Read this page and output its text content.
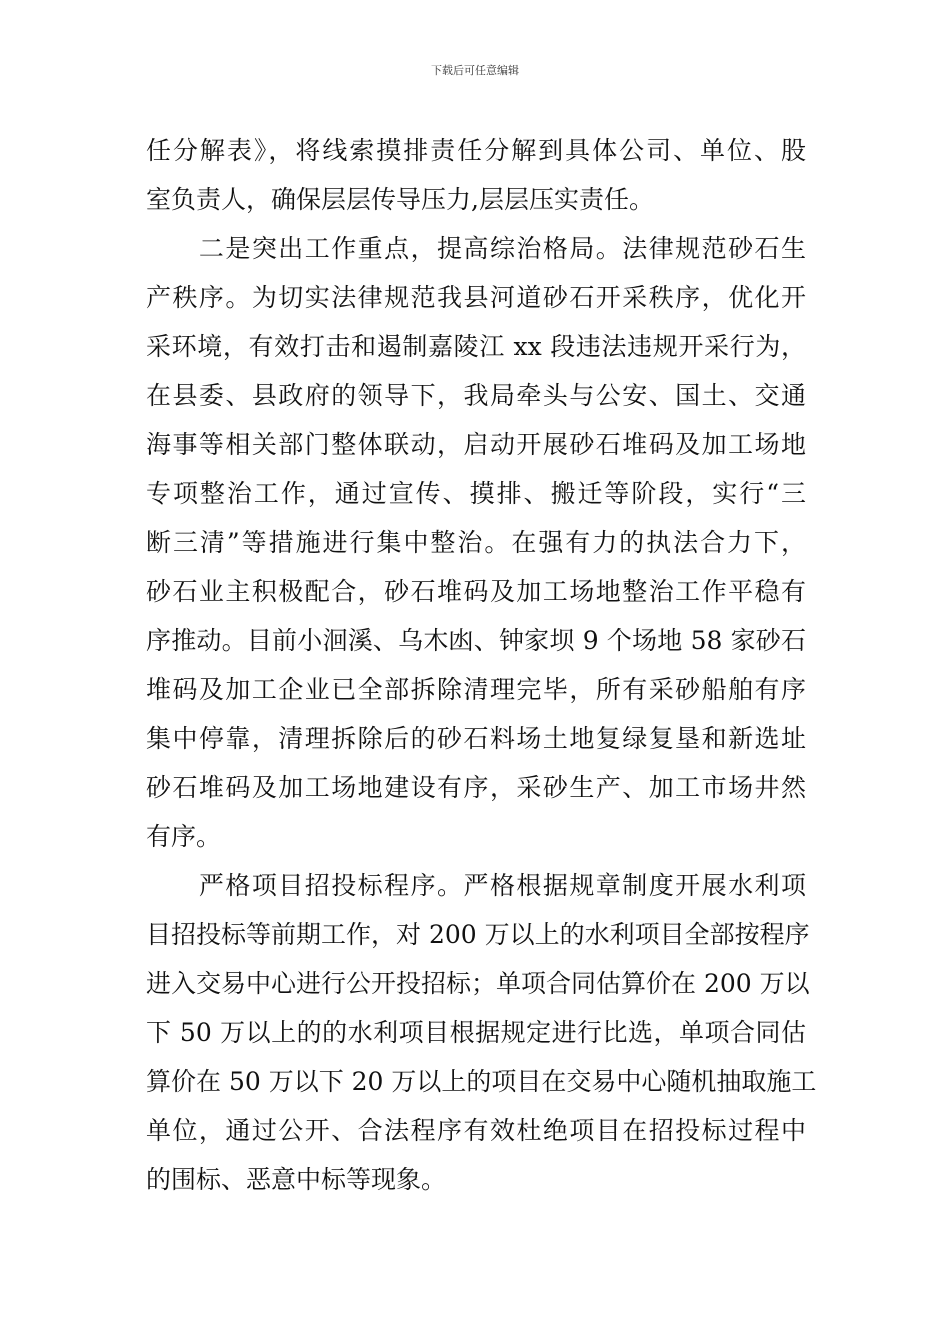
下载后可任意编辑
任分解表》，将线索摸排责任分解到具体公司、单位、股
室负责人，确保层层传导压力,层层压实责任。
　　二是突出工作重点，提高综治格局。法律规范砂石生
产秩序。为切实法律规范我县河道砂石开采秩序，优化开
采环境，有效打击和遏制嘉陵江 xx 段违法违规开采行为，
在县委、县政府的领导下，我局牵头与公安、国土、交通
海事等相关部门整体联动，启动开展砂石堆码及加工场地
专项整治工作，通过宣传、摸排、搬迁等阶段，实行“三
断三清”等措施进行集中整治。在强有力的执法合力下，
砂石业主积极配合，砂石堆码及加工场地整治工作平稳有
序推动。目前小洄溪、乌木凼、钟家坝 9 个场地 58 家砂石
堆码及加工企业已全部拆除清理完毕，所有采砂船舶有序
集中停靠，清理拆除后的砂石料场土地复绿复垦和新选址
砂石堆码及加工场地建设有序，采砂生产、加工市场井然
有序。
　　严格项目招投标程序。严格根据规章制度开展水利项
目招投标等前期工作，对 200 万以上的水利项目全部按程序
进入交易中心进行公开投招标；单项合同估算价在 200 万以
下 50 万以上的的水利项目根据规定进行比选，单项合同估
算价在 50 万以下 20 万以上的项目在交易中心随机抽取施工
单位，通过公开、合法程序有效杜绝项目在招投标过程中
的围标、恶意中标等现象。
